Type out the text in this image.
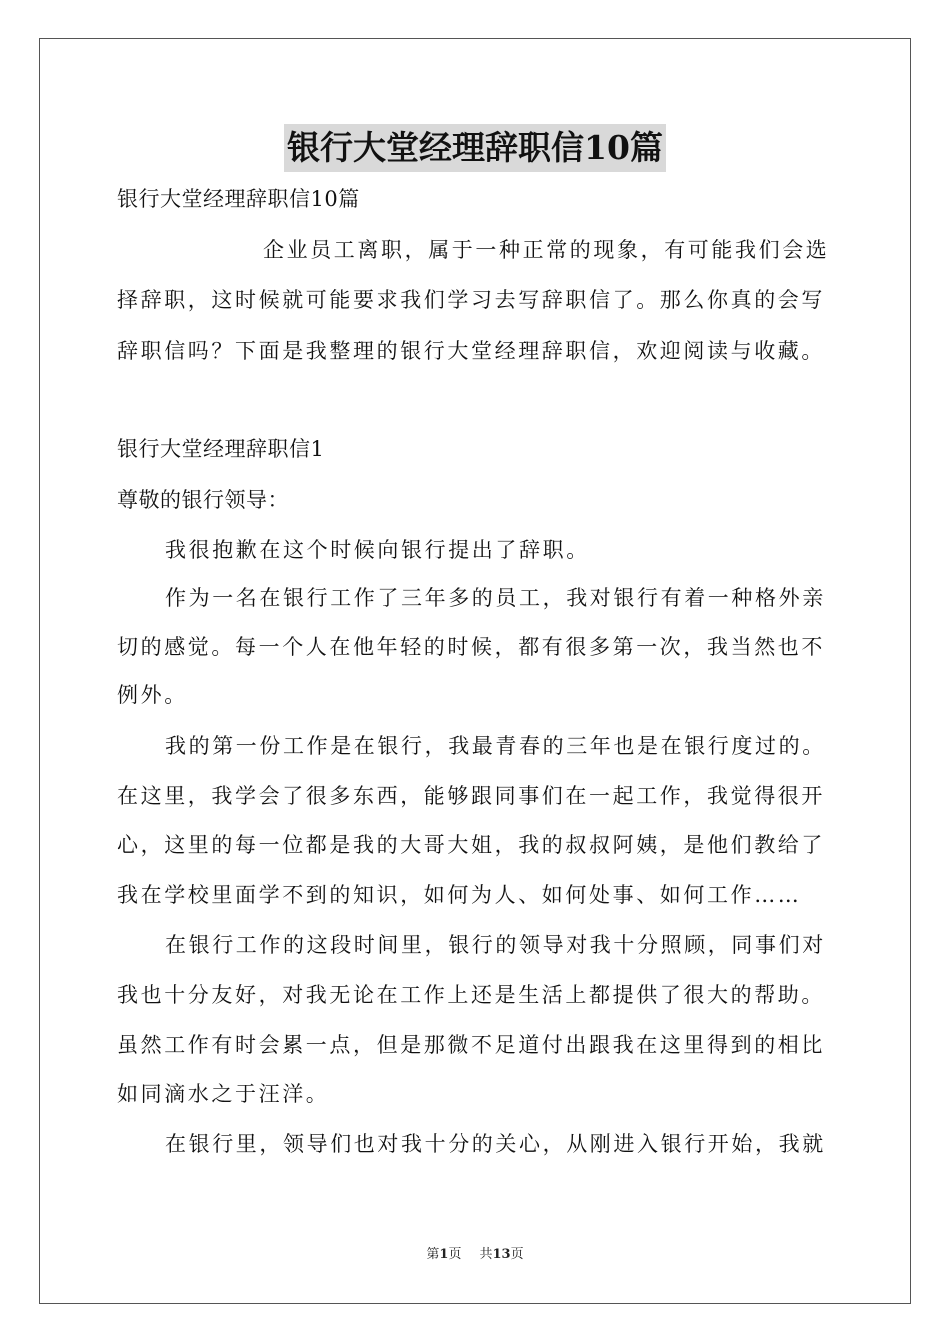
银行大堂经理辞职信10篇
银行大堂经理辞职信10篇
企业员工离职，属于一种正常的现象，有可能我们会选
择辞职，这时候就可能要求我们学习去写辞职信了。那么你真的会写
辞职信吗？下面是我整理的银行大堂经理辞职信，欢迎阅读与收藏。
银行大堂经理辞职信1
尊敬的银行领导：
我很抱歉在这个时候向银行提出了辞职。
作为一名在银行工作了三年多的员工，我对银行有着一种格外亲
切的感觉。每一个人在他年轻的时候，都有很多第一次，我当然也不
例外。
我的第一份工作是在银行，我最青春的三年也是在银行度过的。
在这里，我学会了很多东西，能够跟同事们在一起工作，我觉得很开
心，这里的每一位都是我的大哥大姐，我的叔叔阿姨，是他们教给了
我在学校里面学不到的知识，如何为人、如何处事、如何工作……
在银行工作的这段时间里，银行的领导对我十分照顾，同事们对
我也十分友好，对我无论在工作上还是生活上都提供了很大的帮助。
虽然工作有时会累一点，但是那微不足道付出跟我在这里得到的相比
如同滴水之于汪洋。
在银行里，领导们也对我十分的关心，从刚进入银行开始，我就
第1页 共13页
